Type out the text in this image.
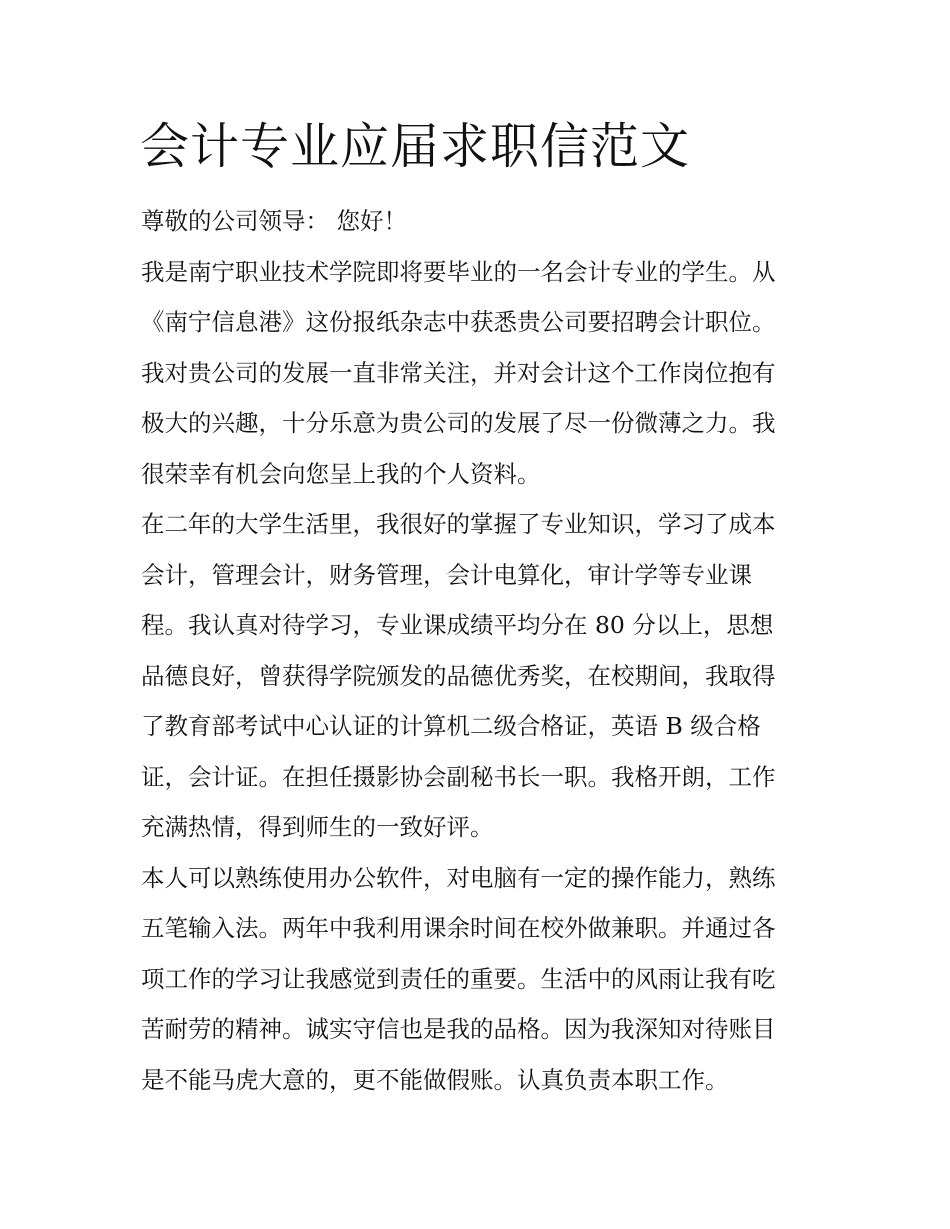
会计专业应届求职信范文

尊敬的公司领导： 您好！

我是南宁职业技术学院即将要毕业的一名会计专业的学生。从

《南宁信息港》这份报纸杂志中获悉贵公司要招聘会计职位。

我对贵公司的发展一直非常关注，并对会计这个工作岗位抱有

极大的兴趣，十分乐意为贵公司的发展了尽一份微薄之力。我

很荣幸有机会向您呈上我的个人资料。

在二年的大学生活里，我很好的掌握了专业知识，学习了成本

会计，管理会计，财务管理，会计电算化，审计学等专业课

程。我认真对待学习，专业课成绩平均分在 80 分以上，思想

品德良好，曾获得学院颁发的品德优秀奖，在校期间，我取得

了教育部考试中心认证的计算机二级合格证，英语 B 级合格

证，会计证。在担任摄影协会副秘书长一职。我格开朗，工作

充满热情，得到师生的一致好评。

本人可以熟练使用办公软件，对电脑有一定的操作能力，熟练

五笔输入法。两年中我利用课余时间在校外做兼职。并通过各

项工作的学习让我感觉到责任的重要。生活中的风雨让我有吃

苦耐劳的精神。诚实守信也是我的品格。因为我深知对待账目

是不能马虎大意的，更不能做假账。认真负责本职工作。
